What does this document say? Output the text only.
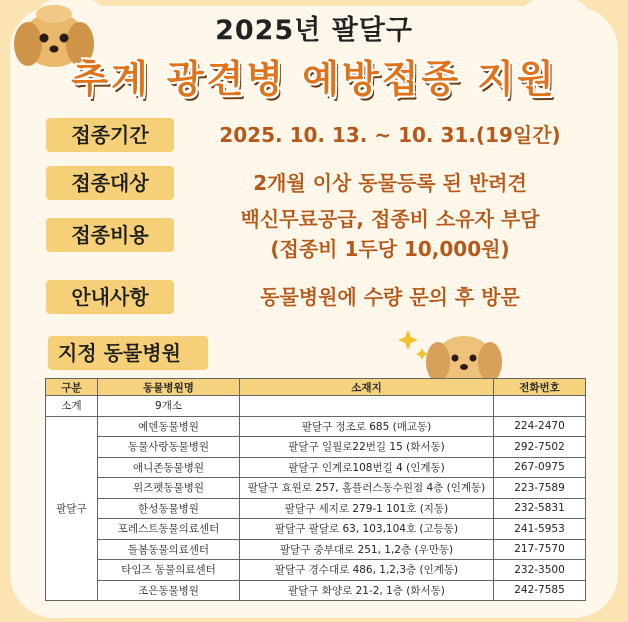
2025년 팔달구
추계 광견병 예방접종 지원
접종기간	2025. 10. 13. ~ 10. 31.(19일간)
접종대상	2개월 이상 동물등록 된 반려견
접종비용
백신무료공급, 접종비 소유자 부담
(접종비 1두당 10,000원)
안내사항	동물병원에 수량 문의 후 방문
지정 동물병원
구분	동물병원명	소재지	전화번호
소계	9개소		
팔달구	예덴동물병원	팔달구 정조로 685 (매교동)	224-2470
	동물사랑동물병원	팔달구 일월로22번길 15 (화서동)	292-7502
	애니존동물병원	팔달구 인계로108번길 4 (인계동)	267-0975
	위즈펫동물병원	팔달구 효원로 257, 홈플러스동수원점 4층 (인계동)	223-7589
	한성동물병원	팔달구 세지로 279-1 101호 (지동)	232-5831
	포레스트동물의료센터	팔달구 팔달로 63, 103,104호 (고등동)	241-5953
	돌봄동물의료센터	팔달구 중부대로 251, 1,2층 (우만동)	217-7570
	타임즈 동물의료센터	팔달구 경수대로 486, 1,2,3층 (인계동)	232-3500
	조은동물병원	팔달구 화양로 21-2, 1층 (화서동)	242-7585
